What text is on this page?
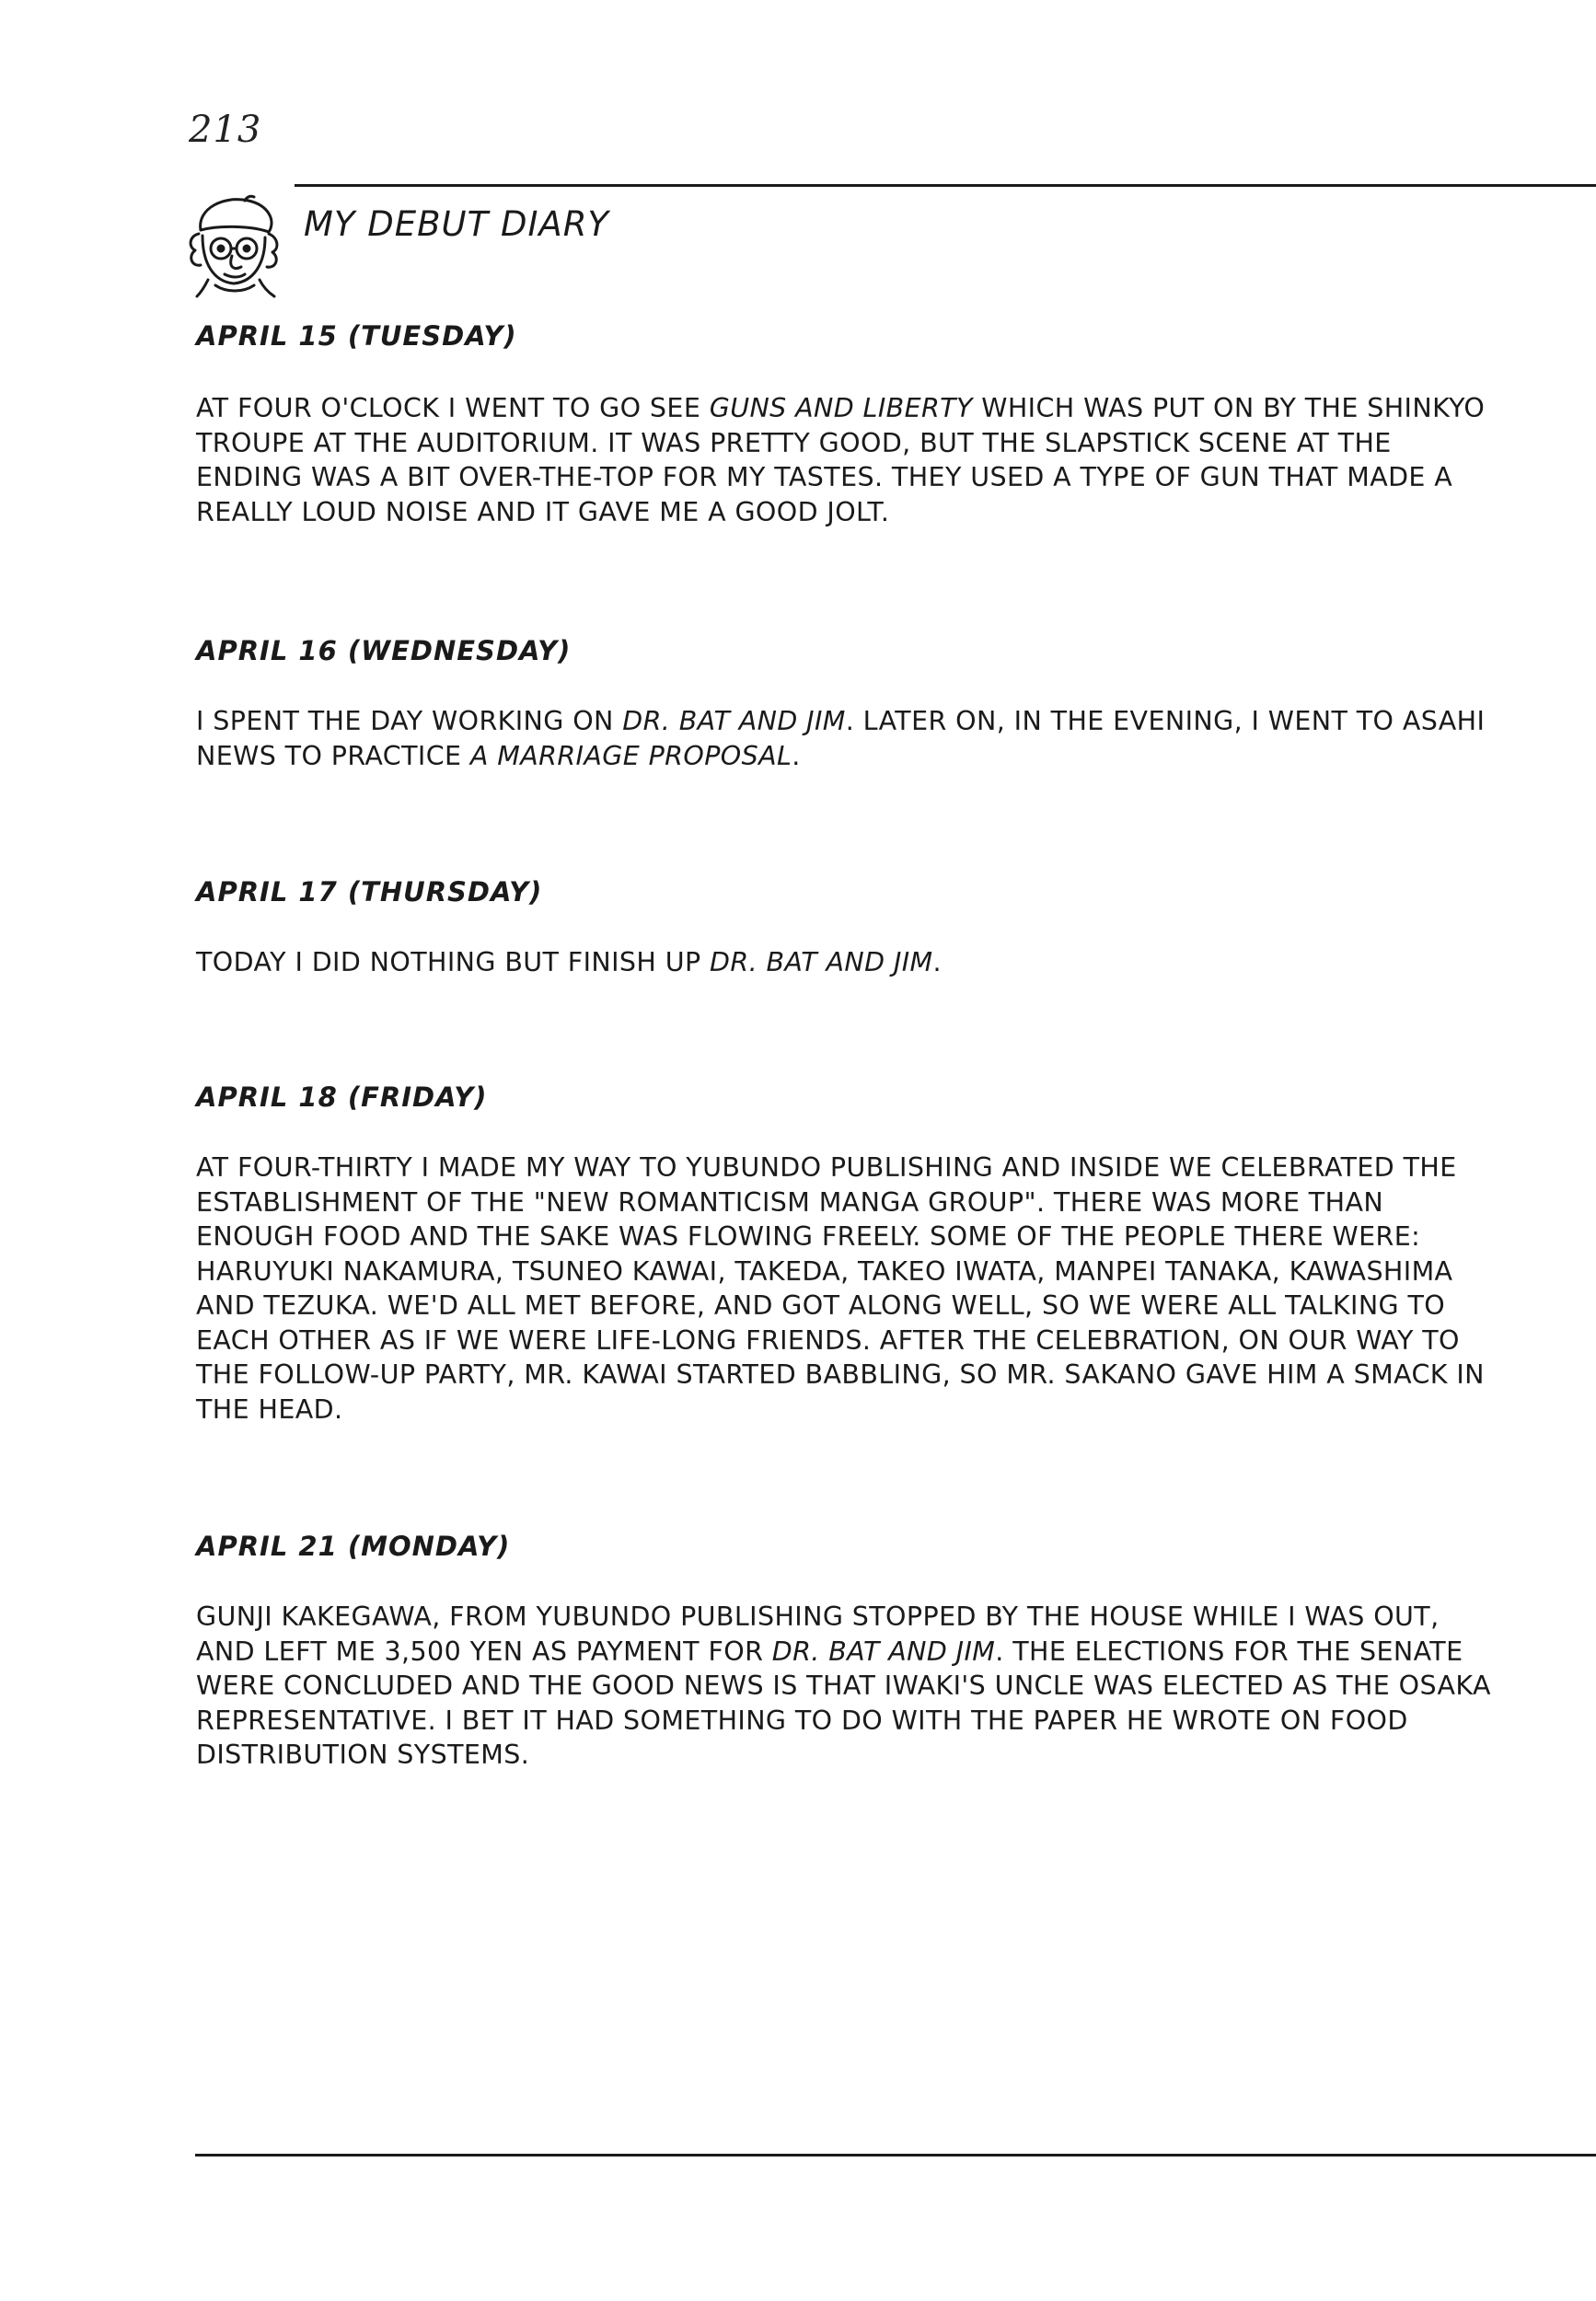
213
MY DEBUT DIARY
APRIL 15 (TUESDAY)
AT FOUR O'CLOCK I WENT TO GO SEE GUNS AND LIBERTY WHICH WAS PUT ON BY THE SHINKYO TROUPE AT THE AUDITORIUM. IT WAS PRETTY GOOD, BUT THE SLAPSTICK SCENE AT THE ENDING WAS A BIT OVER-THE-TOP FOR MY TASTES. THEY USED A TYPE OF GUN THAT MADE A REALLY LOUD NOISE AND IT GAVE ME A GOOD JOLT.
APRIL 16 (WEDNESDAY)
I SPENT THE DAY WORKING ON DR. BAT AND JIM. LATER ON, IN THE EVENING, I WENT TO ASAHI NEWS TO PRACTICE A MARRIAGE PROPOSAL.
APRIL 17 (THURSDAY)
TODAY I DID NOTHING BUT FINISH UP DR. BAT AND JIM.
APRIL 18 (FRIDAY)
AT FOUR-THIRTY I MADE MY WAY TO YUBUNDO PUBLISHING AND INSIDE WE CELEBRATED THE ESTABLISHMENT OF THE "NEW ROMANTICISM MANGA GROUP". THERE WAS MORE THAN ENOUGH FOOD AND THE SAKE WAS FLOWING FREELY. SOME OF THE PEOPLE THERE WERE: HARUYUKI NAKAMURA, TSUNEO KAWAI, TAKEDA, TAKEO IWATA, MANPEI TANAKA, KAWASHIMA AND TEZUKA. WE'D ALL MET BEFORE, AND GOT ALONG WELL, SO WE WERE ALL TALKING TO EACH OTHER AS IF WE WERE LIFE-LONG FRIENDS. AFTER THE CELEBRATION, ON OUR WAY TO THE FOLLOW-UP PARTY, MR. KAWAI STARTED BABBLING, SO MR. SAKANO GAVE HIM A SMACK IN THE HEAD.
APRIL 21 (MONDAY)
GUNJI KAKEGAWA, FROM YUBUNDO PUBLISHING STOPPED BY THE HOUSE WHILE I WAS OUT, AND LEFT ME 3,500 YEN AS PAYMENT FOR DR. BAT AND JIM. THE ELECTIONS FOR THE SENATE WERE CONCLUDED AND THE GOOD NEWS IS THAT IWAKI'S UNCLE WAS ELECTED AS THE OSAKA REPRESENTATIVE. I BET IT HAD SOMETHING TO DO WITH THE PAPER HE WROTE ON FOOD DISTRIBUTION SYSTEMS.
